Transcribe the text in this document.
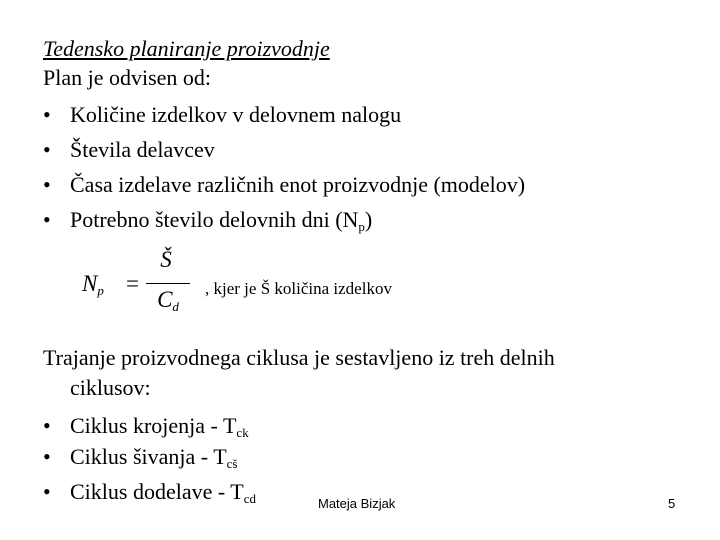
Tedensko planiranje proizvodnje
Plan je odvisen od:
• Količine izdelkov v delovnem nalogu
• Števila delavcev
• Časa izdelave različnih enot proizvodnje (modelov)
• Potrebno število delovnih dni $(N_p)$
$N_p$ =
Š
$C_d$
, kjer je Š količina izdelkov
Trajanje proizvodnega ciklusa je sestavljeno iz treh delnih
ciklusov:
• Ciklus krojenja - $T_{ck}$
• Ciklus šivanja - $T_{cš}$
• Ciklus dodelave - $T_{cd}$	Mateja Bizjak	5
